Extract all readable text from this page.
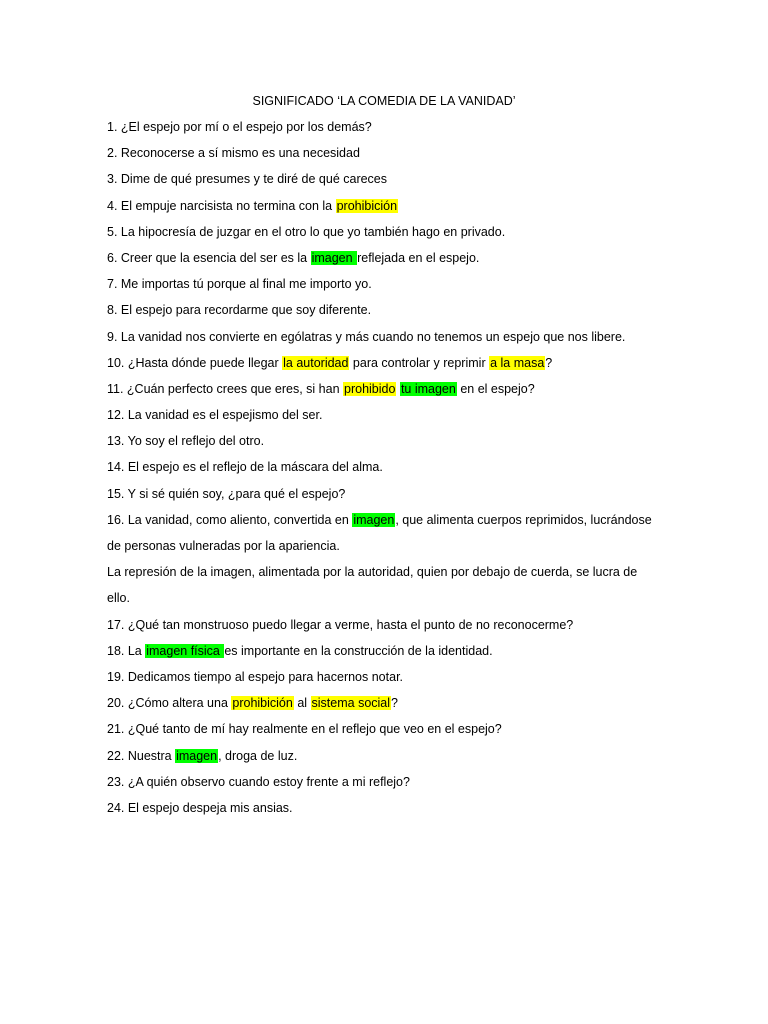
SIGNIFICADO ‘LA COMEDIA DE LA VANIDAD’
1. ¿El espejo por mí o el espejo por los demás?
2. Reconocerse a sí mismo es una necesidad
3. Dime de qué presumes y te diré de qué careces
4. El empuje narcisista no termina con la prohibición
5. La hipocresía de juzgar en el otro lo que yo también hago en privado.
6. Creer que la esencia del ser es la imagen reflejada en el espejo.
7. Me importas tú porque al final me importo yo.
8. El espejo para recordarme que soy diferente.
9. La vanidad nos convierte en ególatras y más cuando no tenemos un espejo que nos libere.
10. ¿Hasta dónde puede llegar la autoridad para controlar y reprimir a la masa?
11. ¿Cuán perfecto crees que eres, si han prohibido tu imagen en el espejo?
12. La vanidad es el espejismo del ser.
13. Yo soy el reflejo del otro.
14. El espejo es el reflejo de la máscara del alma.
15. Y si sé quién soy, ¿para qué el espejo?
16. La vanidad, como aliento, convertida en imagen, que alimenta cuerpos reprimidos, lucrándose
de personas vulneradas por la apariencia.
La represión de la imagen, alimentada por la autoridad, quien por debajo de cuerda, se lucra de
ello.
17. ¿Qué tan monstruoso puedo llegar a verme, hasta el punto de no reconocerme?
18. La imagen física es importante en la construcción de la identidad.
19. Dedicamos tiempo al espejo para hacernos notar.
20. ¿Cómo altera una prohibición al sistema social?
21. ¿Qué tanto de mí hay realmente en el reflejo que veo en el espejo?
22. Nuestra imagen, droga de luz.
23. ¿A quién observo cuando estoy frente a mi reflejo?
24. El espejo despeja mis ansias.
